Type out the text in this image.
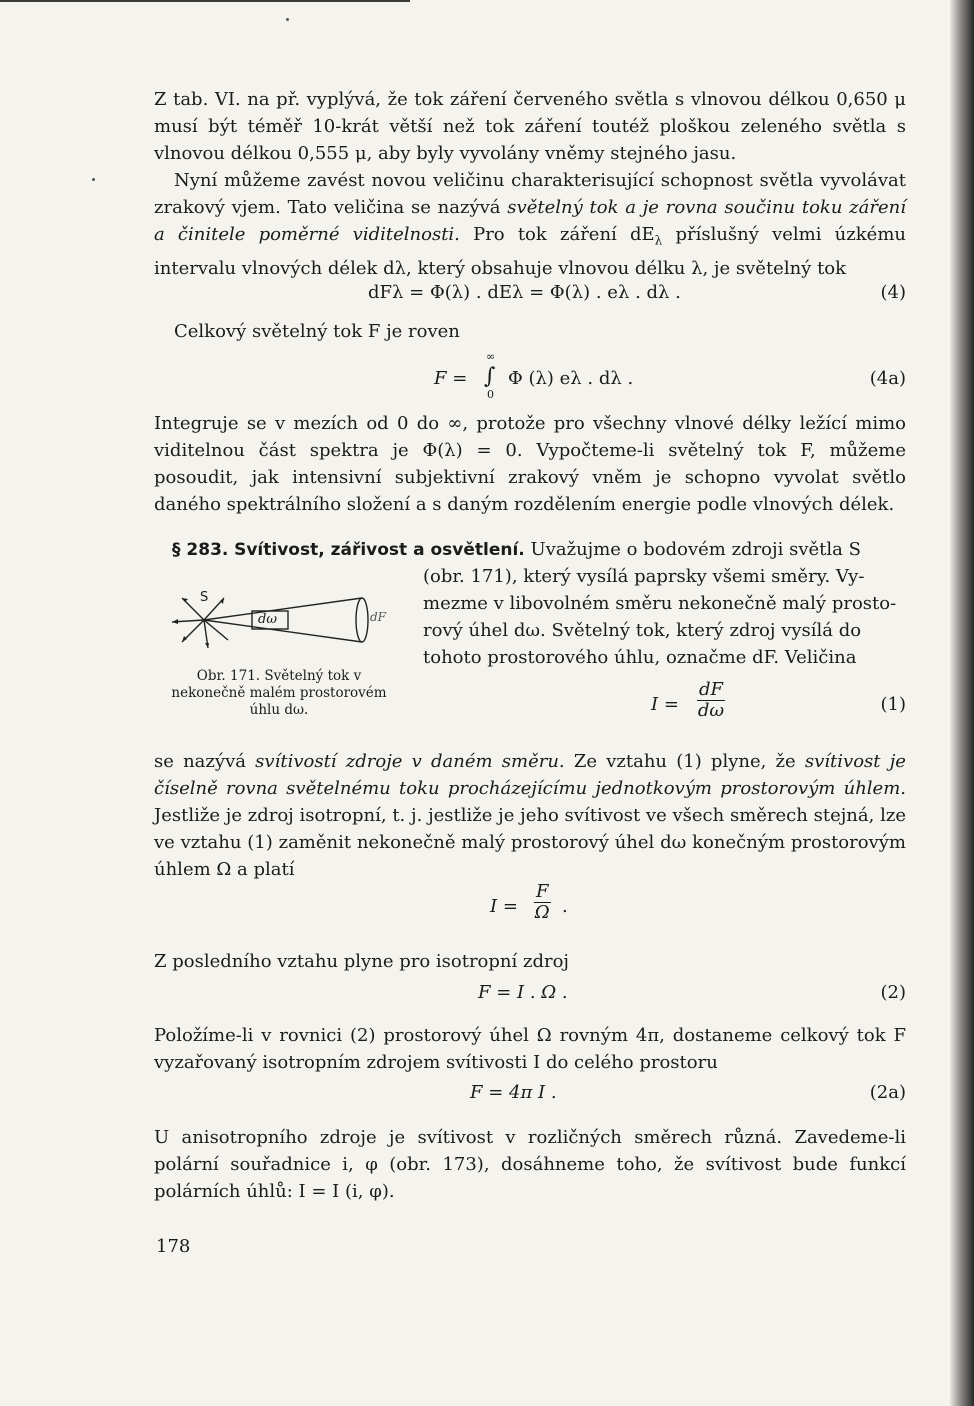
Z tab. VI. na př. vyplývá, že tok záření červeného světla s vlnovou délkou 0,650 μ musí být téměř 10-krát větší než tok záření toutéž ploškou zeleného světla s vlnovou délkou 0,555 μ, aby byly vyvolány vněmy stejného jasu.

Nyní můžeme zavést novou veličinu charakterisující schopnost světla vyvolávat zrakový vjem. Tato veličina se nazývá světelný tok a je rovna součinu toku záření a činitele poměrné viditelnosti. Pro tok záření $dE_\lambda$ příslušný velmi úzkému intervalu vlnových délek dλ, který obsahuje vlnovou délku λ, je světelný tok

dFλ = Φ(λ) . dEλ = Φ(λ) . eλ . dλ .	(4)

Celkový světelný tok F je roven

F =
∞
∫
0
Φ (λ) eλ . dλ .	(4a)

Integruje se v mezích od 0 do ∞, protože pro všechny vlnové délky ležící mimo viditelnou část spektra je Φ(λ) = 0. Vypočteme-li světelný tok F, můžeme posoudit, jak intensivní subjektivní zrakový vněm je schopno vyvolat světlo daného spektrálního složení a s daným rozdělením energie podle vlnových délek.

§ 283. Svítivost, zářivost a osvětlení. Uvažujme o bodovém zdroji světla S
(obr. 171), který vysílá paprsky všemi směry. Vy-
mezme v libovolném směru nekonečně malý prosto-
rový úhel dω. Světelný tok, který zdroj vysílá do
tohoto prostorového úhlu, označme dF. Veličina
S
dω	dF
Obr. 171. Světelný tok v nekonečně malém prostorovém úhlu dω.	$I = \frac{dF}{d\omega}$	(1)

se nazývá svítivostí zdroje v daném směru. Ze vztahu (1) plyne, že svítivost je číselně rovna světelnému toku procházejícímu jednotkovým prostorovým úhlem. Jestliže je zdroj isotropní, t. j. jestliže je jeho svítivost ve všech směrech stejná, lze ve vztahu (1) zaměnit nekonečně malý prostorový úhel dω konečným prostorovým úhlem Ω a platí

$I = \frac{F}{\Omega}$ .

Z posledního vztahu plyne pro isotropní zdroj

F = I . Ω .	(2)

Položíme-li v rovnici (2) prostorový úhel Ω rovným 4π, dostaneme celkový tok F vyzařovaný isotropním zdrojem svítivosti I do celého prostoru

F = 4π I .	(2a)

U anisotropního zdroje je svítivost v rozličných směrech různá. Zavedeme-li polární souřadnice i, φ (obr. 173), dosáhneme toho, že svítivost bude funkcí polárních úhlů: I = I (i, φ).

178
